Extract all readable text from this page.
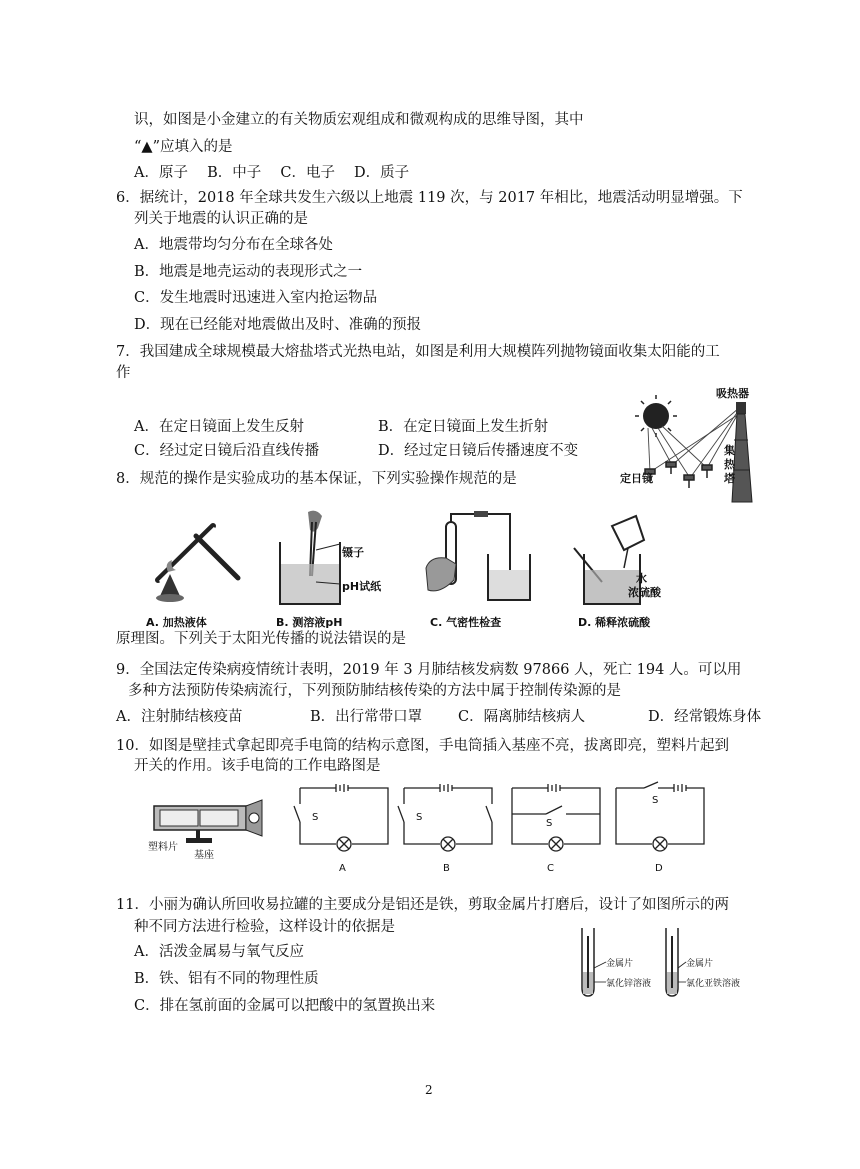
识，如图是小金建立的有关物质宏观组成和微观构成的思维导图，其中
“▲”应填入的是
A．原子　 B．中子　 C．电子　 D．质子
6．据统计，2018 年全球共发生六级以上地震 119 次，与 2017 年相比，地震活动明显增强。下
列关于地震的认识正确的是
A．地震带均匀分布在全球各处
B．地震是地壳运动的表现形式之一
C．发生地震时迅速进入室内抢运物品
D．现在已经能对地震做出及时、准确的预报
7．我国建成全球规模最大熔盐塔式光热电站，如图是利用大规模阵列抛物镜面收集太阳能的工
作
A．在定日镜面上发生反射	B．在定日镜面上发生折射
C．经过定日镜后沿直线传播	D．经过定日镜后传播速度不变
吸热器
集热塔
定日镜
8．规范的操作是实验成功的基本保证，下列实验操作规范的是
A. 加热液体
镊子
pH试纸
B. 测溶液pH	C. 气密性检查
水
浓硫酸
D. 稀释浓硫酸
原理图。下列关于太阳光传播的说法错误的是
9．全国法定传染病疫情统计表明，2019 年 3 月肺结核发病数 97866 人，死亡 194 人。可以用
多种方法预防传染病流行，下列预防肺结核传染的方法中属于控制传染源的是
A．注射肺结核疫苗	B．出行常带口罩 C．隔离肺结核病人	D．经常锻炼身体
10．如图是壁挂式拿起即亮手电筒的结构示意图，手电筒插入基座不亮，拔离即亮，塑料片起到
开关的作用。该手电筒的工作电路图是
塑料片
基座
S
A
S
B
S
C
S
D
11．小丽为确认所回收易拉罐的主要成分是铝还是铁，剪取金属片打磨后，设计了如图所示的两
种不同方法进行检验，这样设计的依据是
A．活泼金属易与氧气反应
B．铁、铝有不同的物理性质
C．排在氢前面的金属可以把酸中的氢置换出来
金属片
氯化锌溶液
金属片
氯化亚铁溶液
2
